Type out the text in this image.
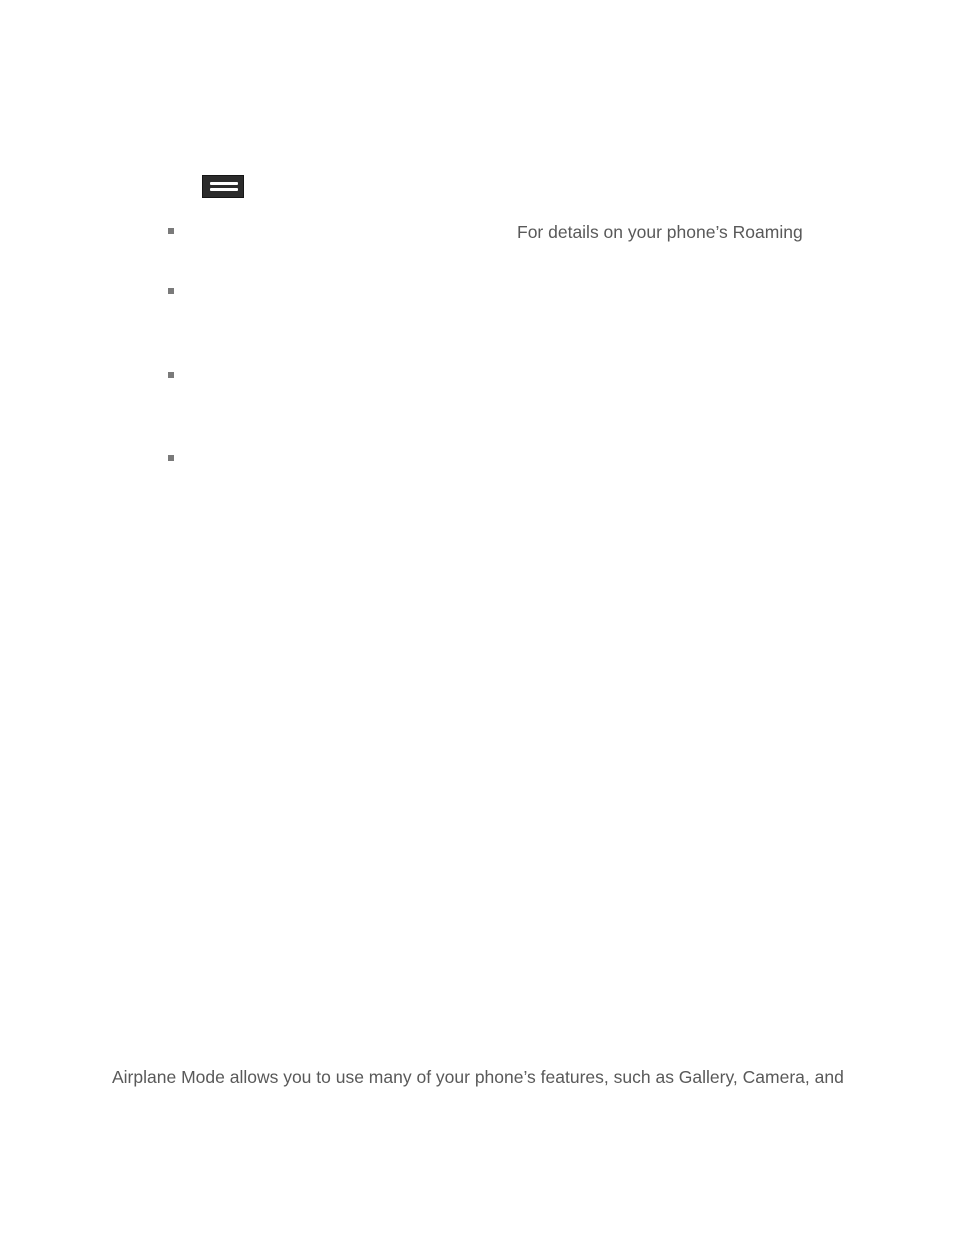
For details on your phone’s Roaming
Airplane Mode allows you to use many of your phone’s features, such as Gallery, Camera, and
